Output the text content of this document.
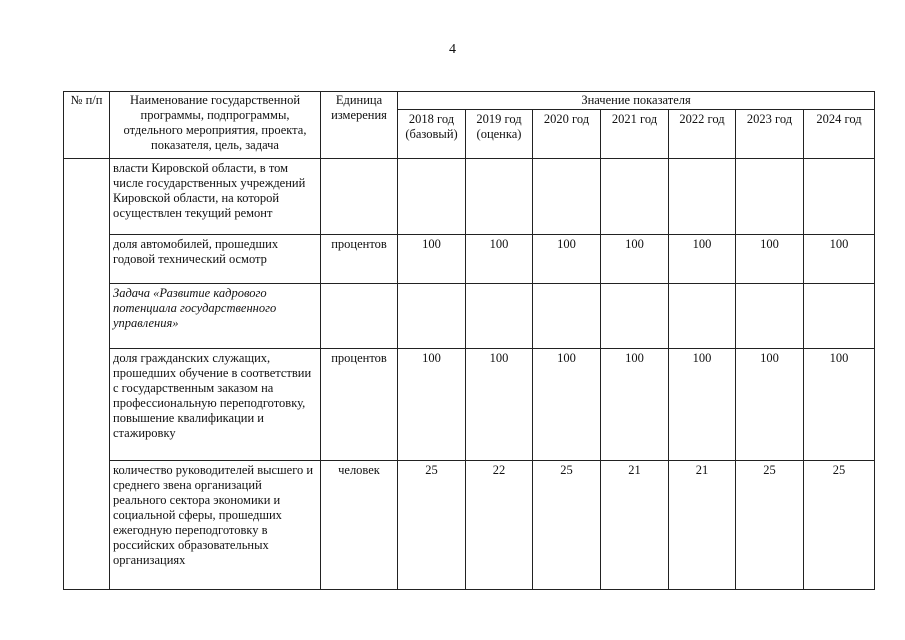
4
№ п/п	Наименование государственной программы, подпрограммы, отдельного мероприятия, проекта, показателя, цель, задача	Единица измерения	Значение показателя						
			2018 год (базовый)	2019 год (оценка)	2020 год	2021 год	2022 год	2023 год	2024 год
	власти Кировской области, в том числе государственных учреждений Кировской области, на которой осуществлен текущий ремонт								
	доля автомобилей, прошедших годовой технический осмотр	процентов	100	100	100	100	100	100	100
	Задача «Развитие кадрового потенциала государственного управления»								
	доля гражданских служащих, прошедших обучение в соответствии с государственным заказом на профессиональную переподготовку, повышение квалификации и стажировку	процентов	100	100	100	100	100	100	100
	количество руководителей высшего и среднего звена организаций реального сектора экономики и социальной сферы, прошедших ежегодную переподготовку в российских образовательных организациях	человек	25	22	25	21	21	25	25
